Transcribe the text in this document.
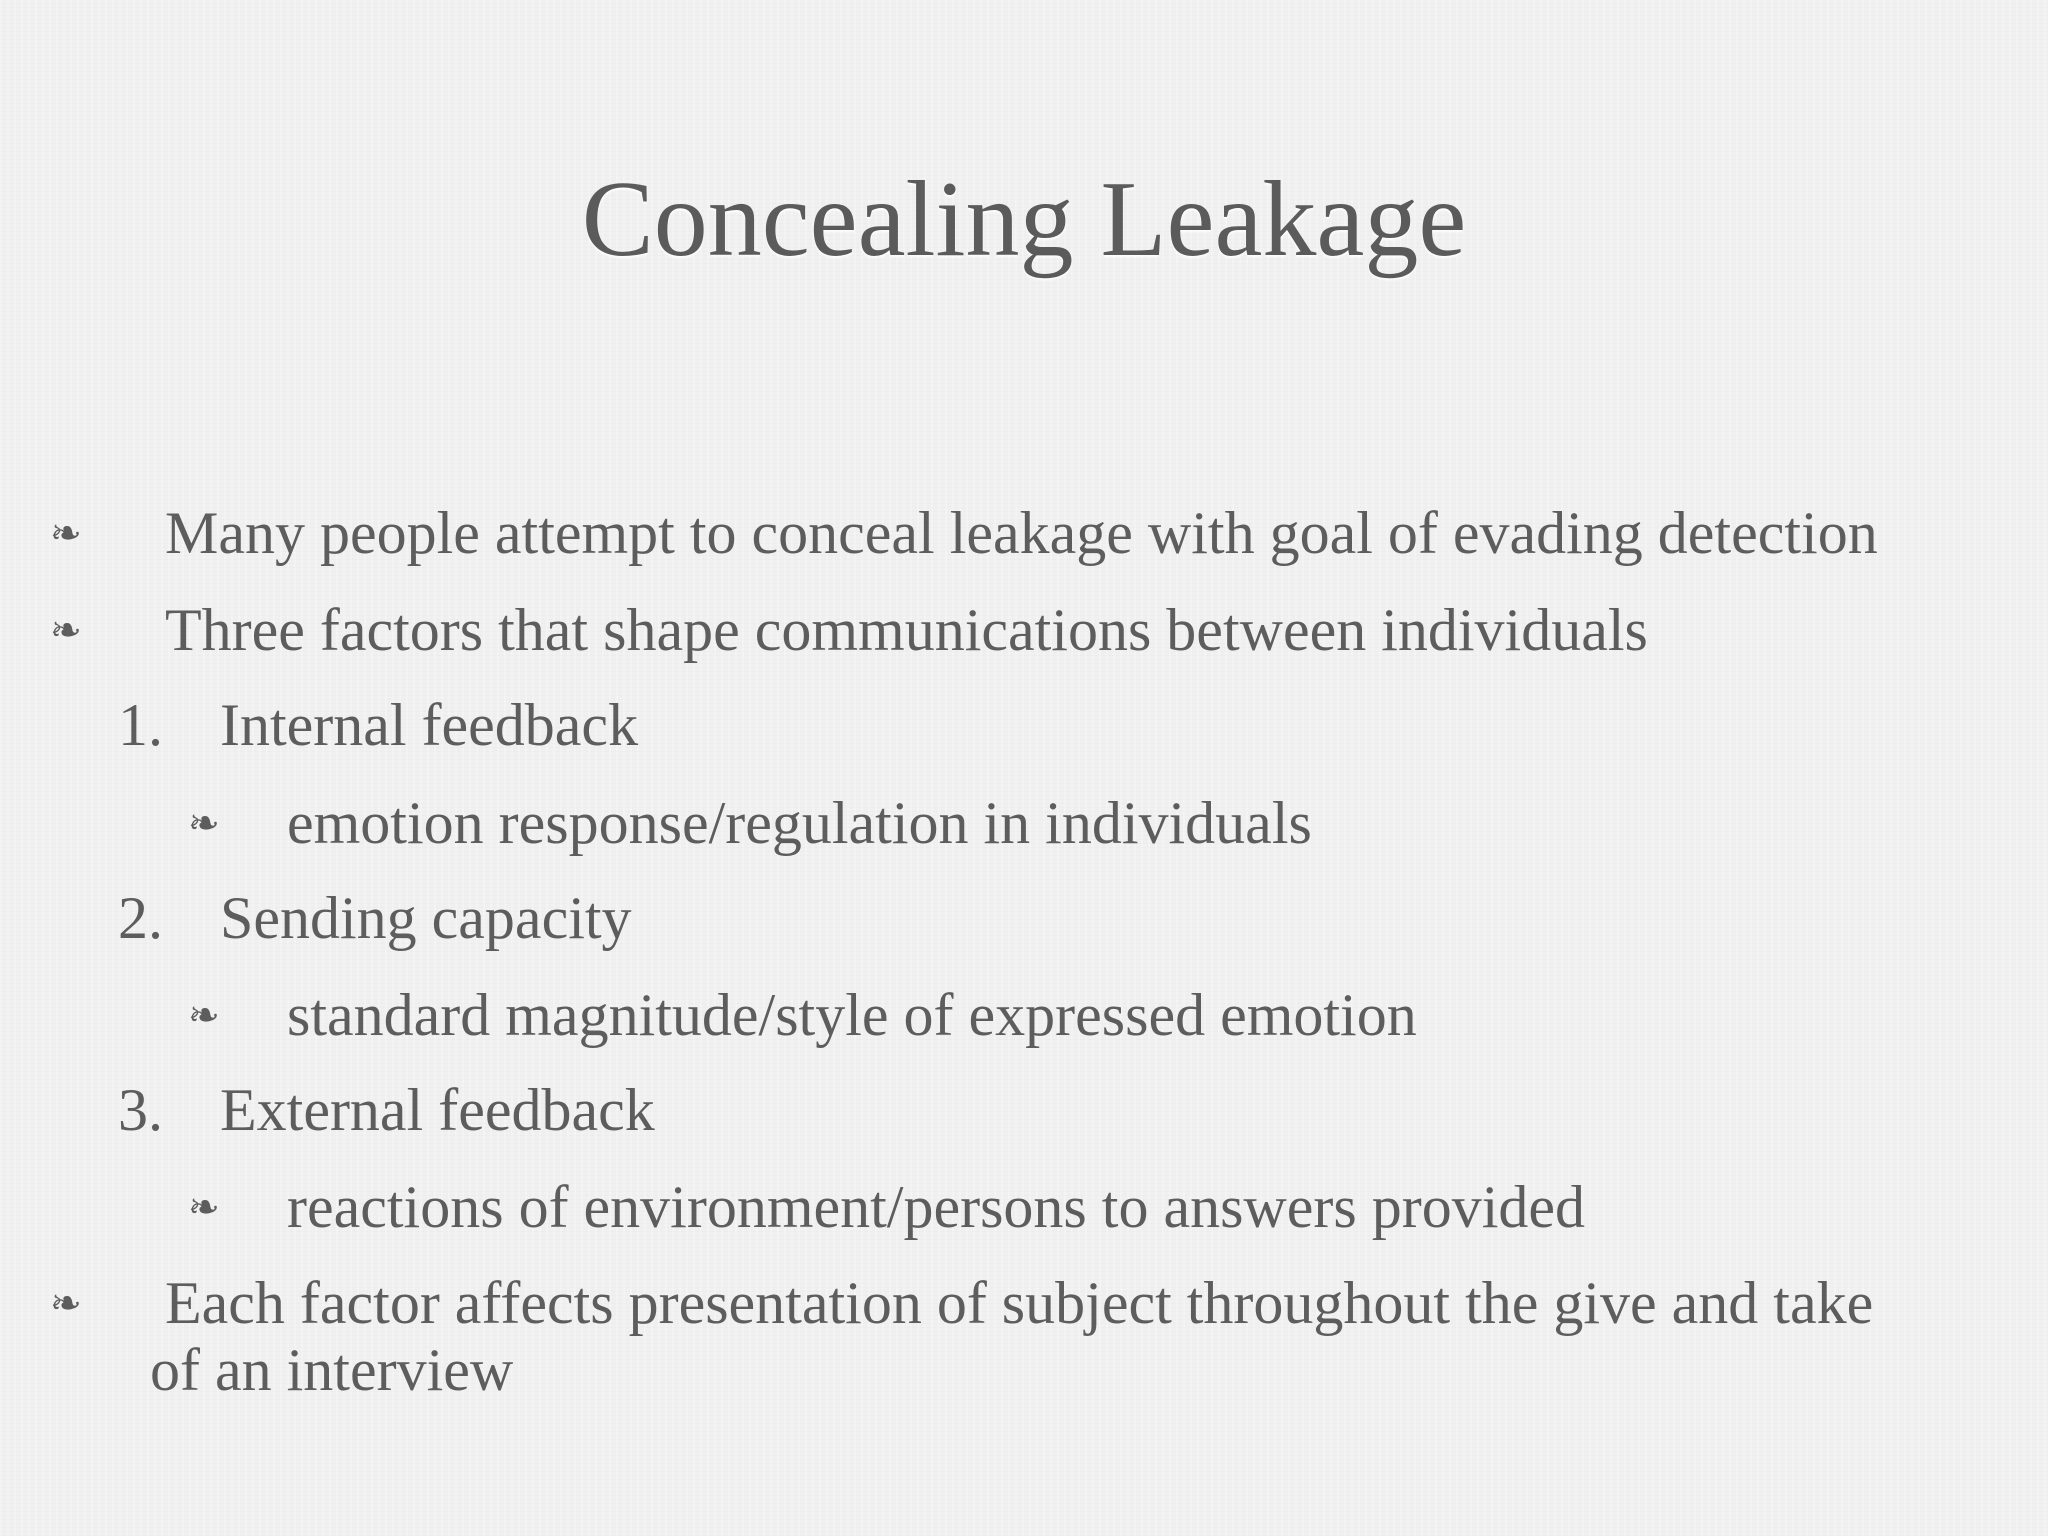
Concealing Leakage
❧ Many people attempt to conceal leakage with goal of evading detection
❧ Three factors that shape communications between individuals
1. Internal feedback
❧ emotion response/regulation in individuals
2. Sending capacity
❧ standard magnitude/style of expressed emotion
3. External feedback
❧ reactions of environment/persons to answers provided
❧ Each factor affects presentation of subject throughout the give and take
of an interview
